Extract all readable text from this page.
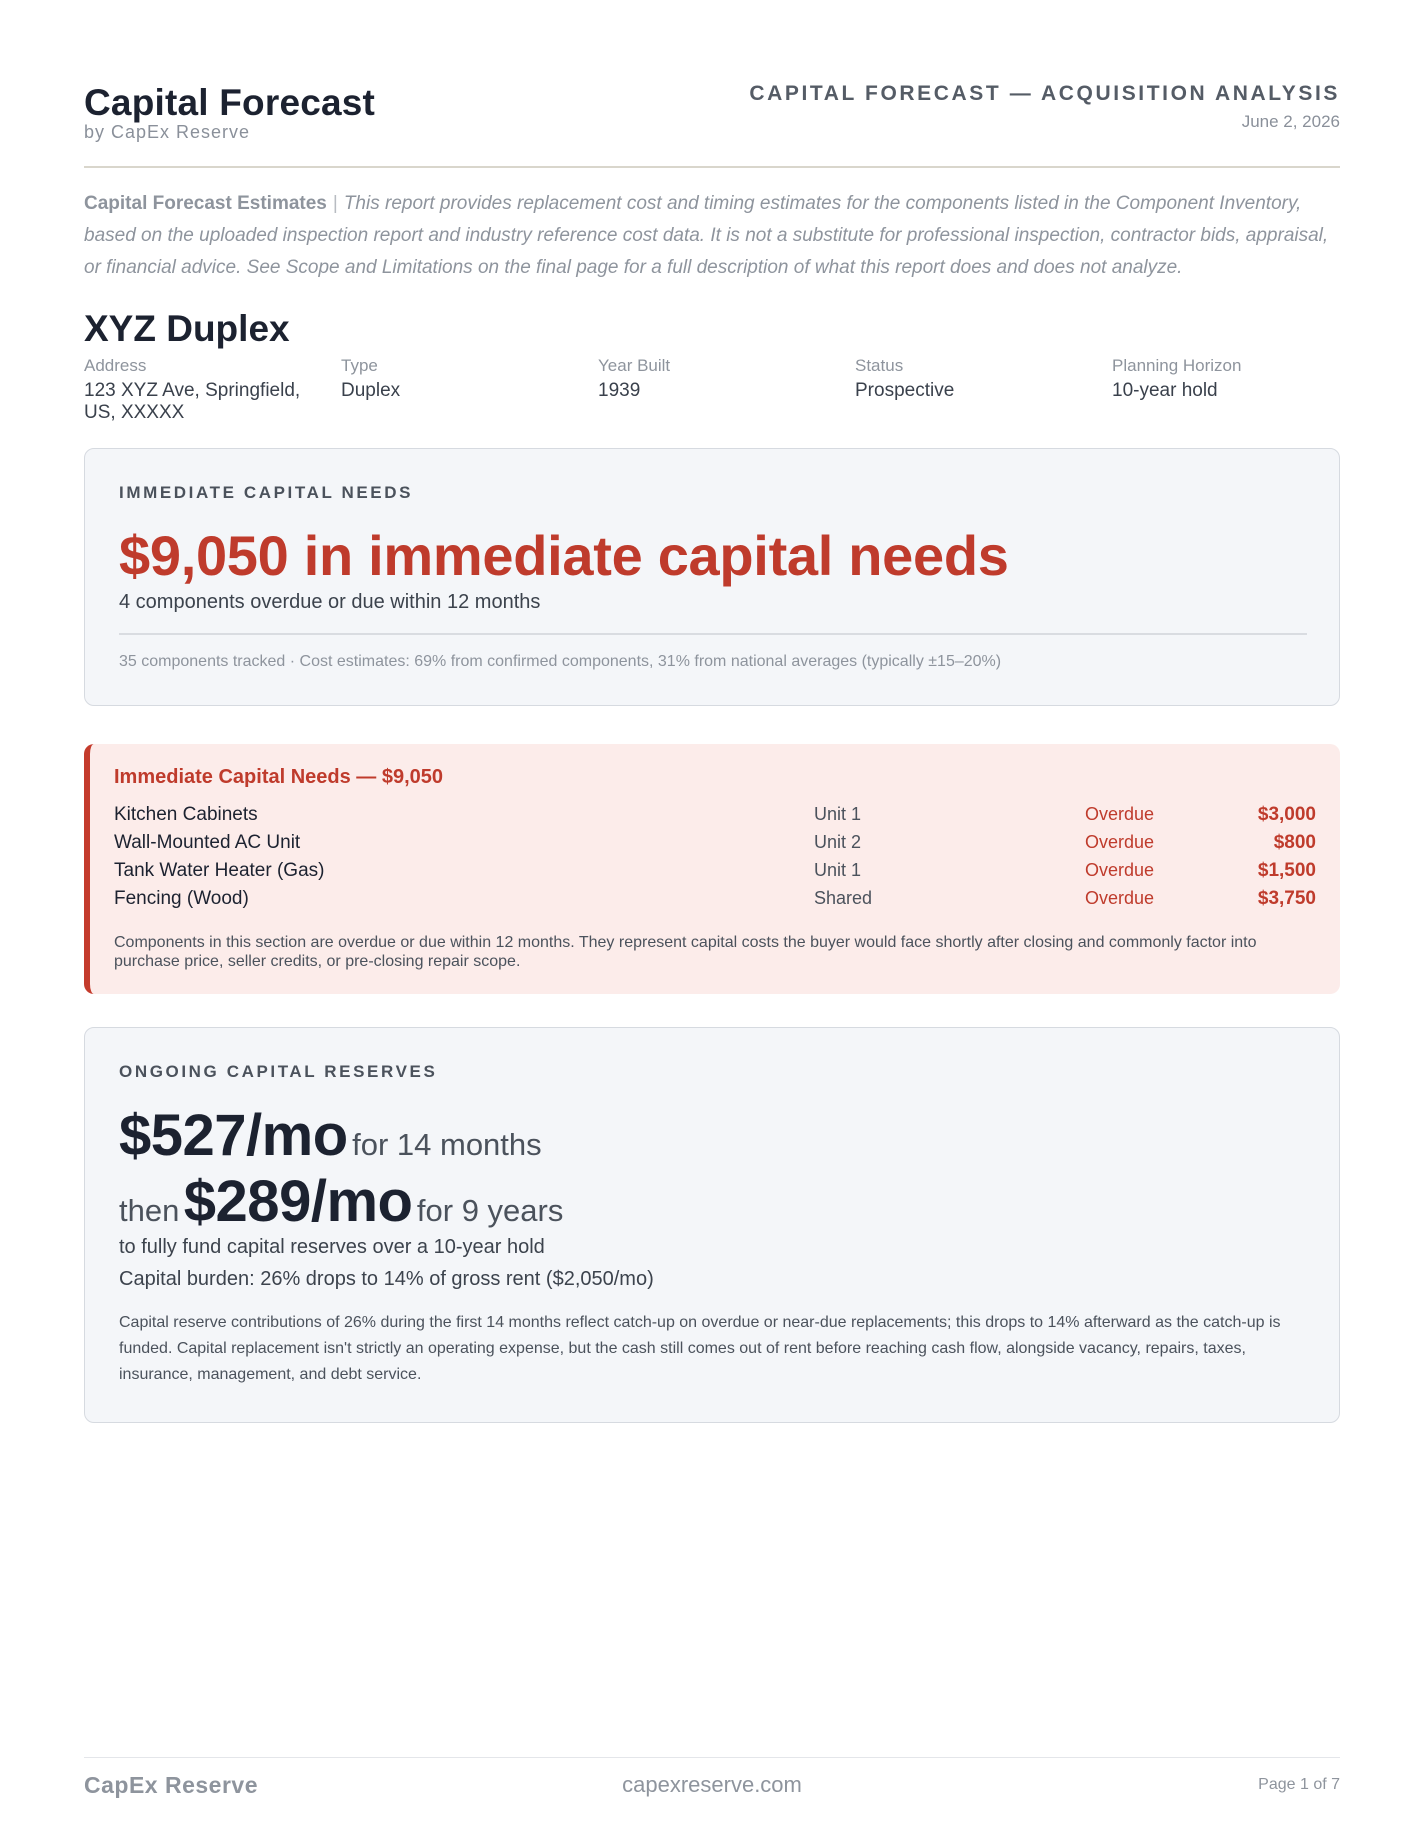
Capital Forecast
by CapEx Reserve
CAPITAL FORECAST — ACQUISITION ANALYSIS
June 2, 2026
Capital Forecast Estimates | This report provides replacement cost and timing estimates for the components listed in the Component Inventory, based on the uploaded inspection report and industry reference cost data. It is not a substitute for professional inspection, contractor bids, appraisal, or financial advice. See Scope and Limitations on the final page for a full description of what this report does and does not analyze.
XYZ Duplex
Address
123 XYZ Ave, Springfield, US, XXXXX
Type
Duplex
Year Built
1939
Status
Prospective
Planning Horizon
10-year hold
IMMEDIATE CAPITAL NEEDS
$9,050 in immediate capital needs
4 components overdue or due within 12 months
35 components tracked · Cost estimates: 69% from confirmed components, 31% from national averages (typically ±15–20%)
Immediate Capital Needs — $9,050
Kitchen Cabinets	Unit 1	Overdue	$3,000
Wall-Mounted AC Unit	Unit 2	Overdue	$800
Tank Water Heater (Gas)	Unit 1	Overdue	$1,500
Fencing (Wood)	Shared	Overdue	$3,750
Components in this section are overdue or due within 12 months. They represent capital costs the buyer would face shortly after closing and commonly factor into purchase price, seller credits, or pre-closing repair scope.
ONGOING CAPITAL RESERVES
$527/mo for 14 months
then $289/mo for 9 years
to fully fund capital reserves over a 10-year hold
Capital burden: 26% drops to 14% of gross rent ($2,050/mo)
Capital reserve contributions of 26% during the first 14 months reflect catch-up on overdue or near-due replacements; this drops to 14% afterward as the catch-up is funded. Capital replacement isn't strictly an operating expense, but the cash still comes out of rent before reaching cash flow, alongside vacancy, repairs, taxes, insurance, management, and debt service.
CapEx Reserve	capexreserve.com	Page 1 of 7
